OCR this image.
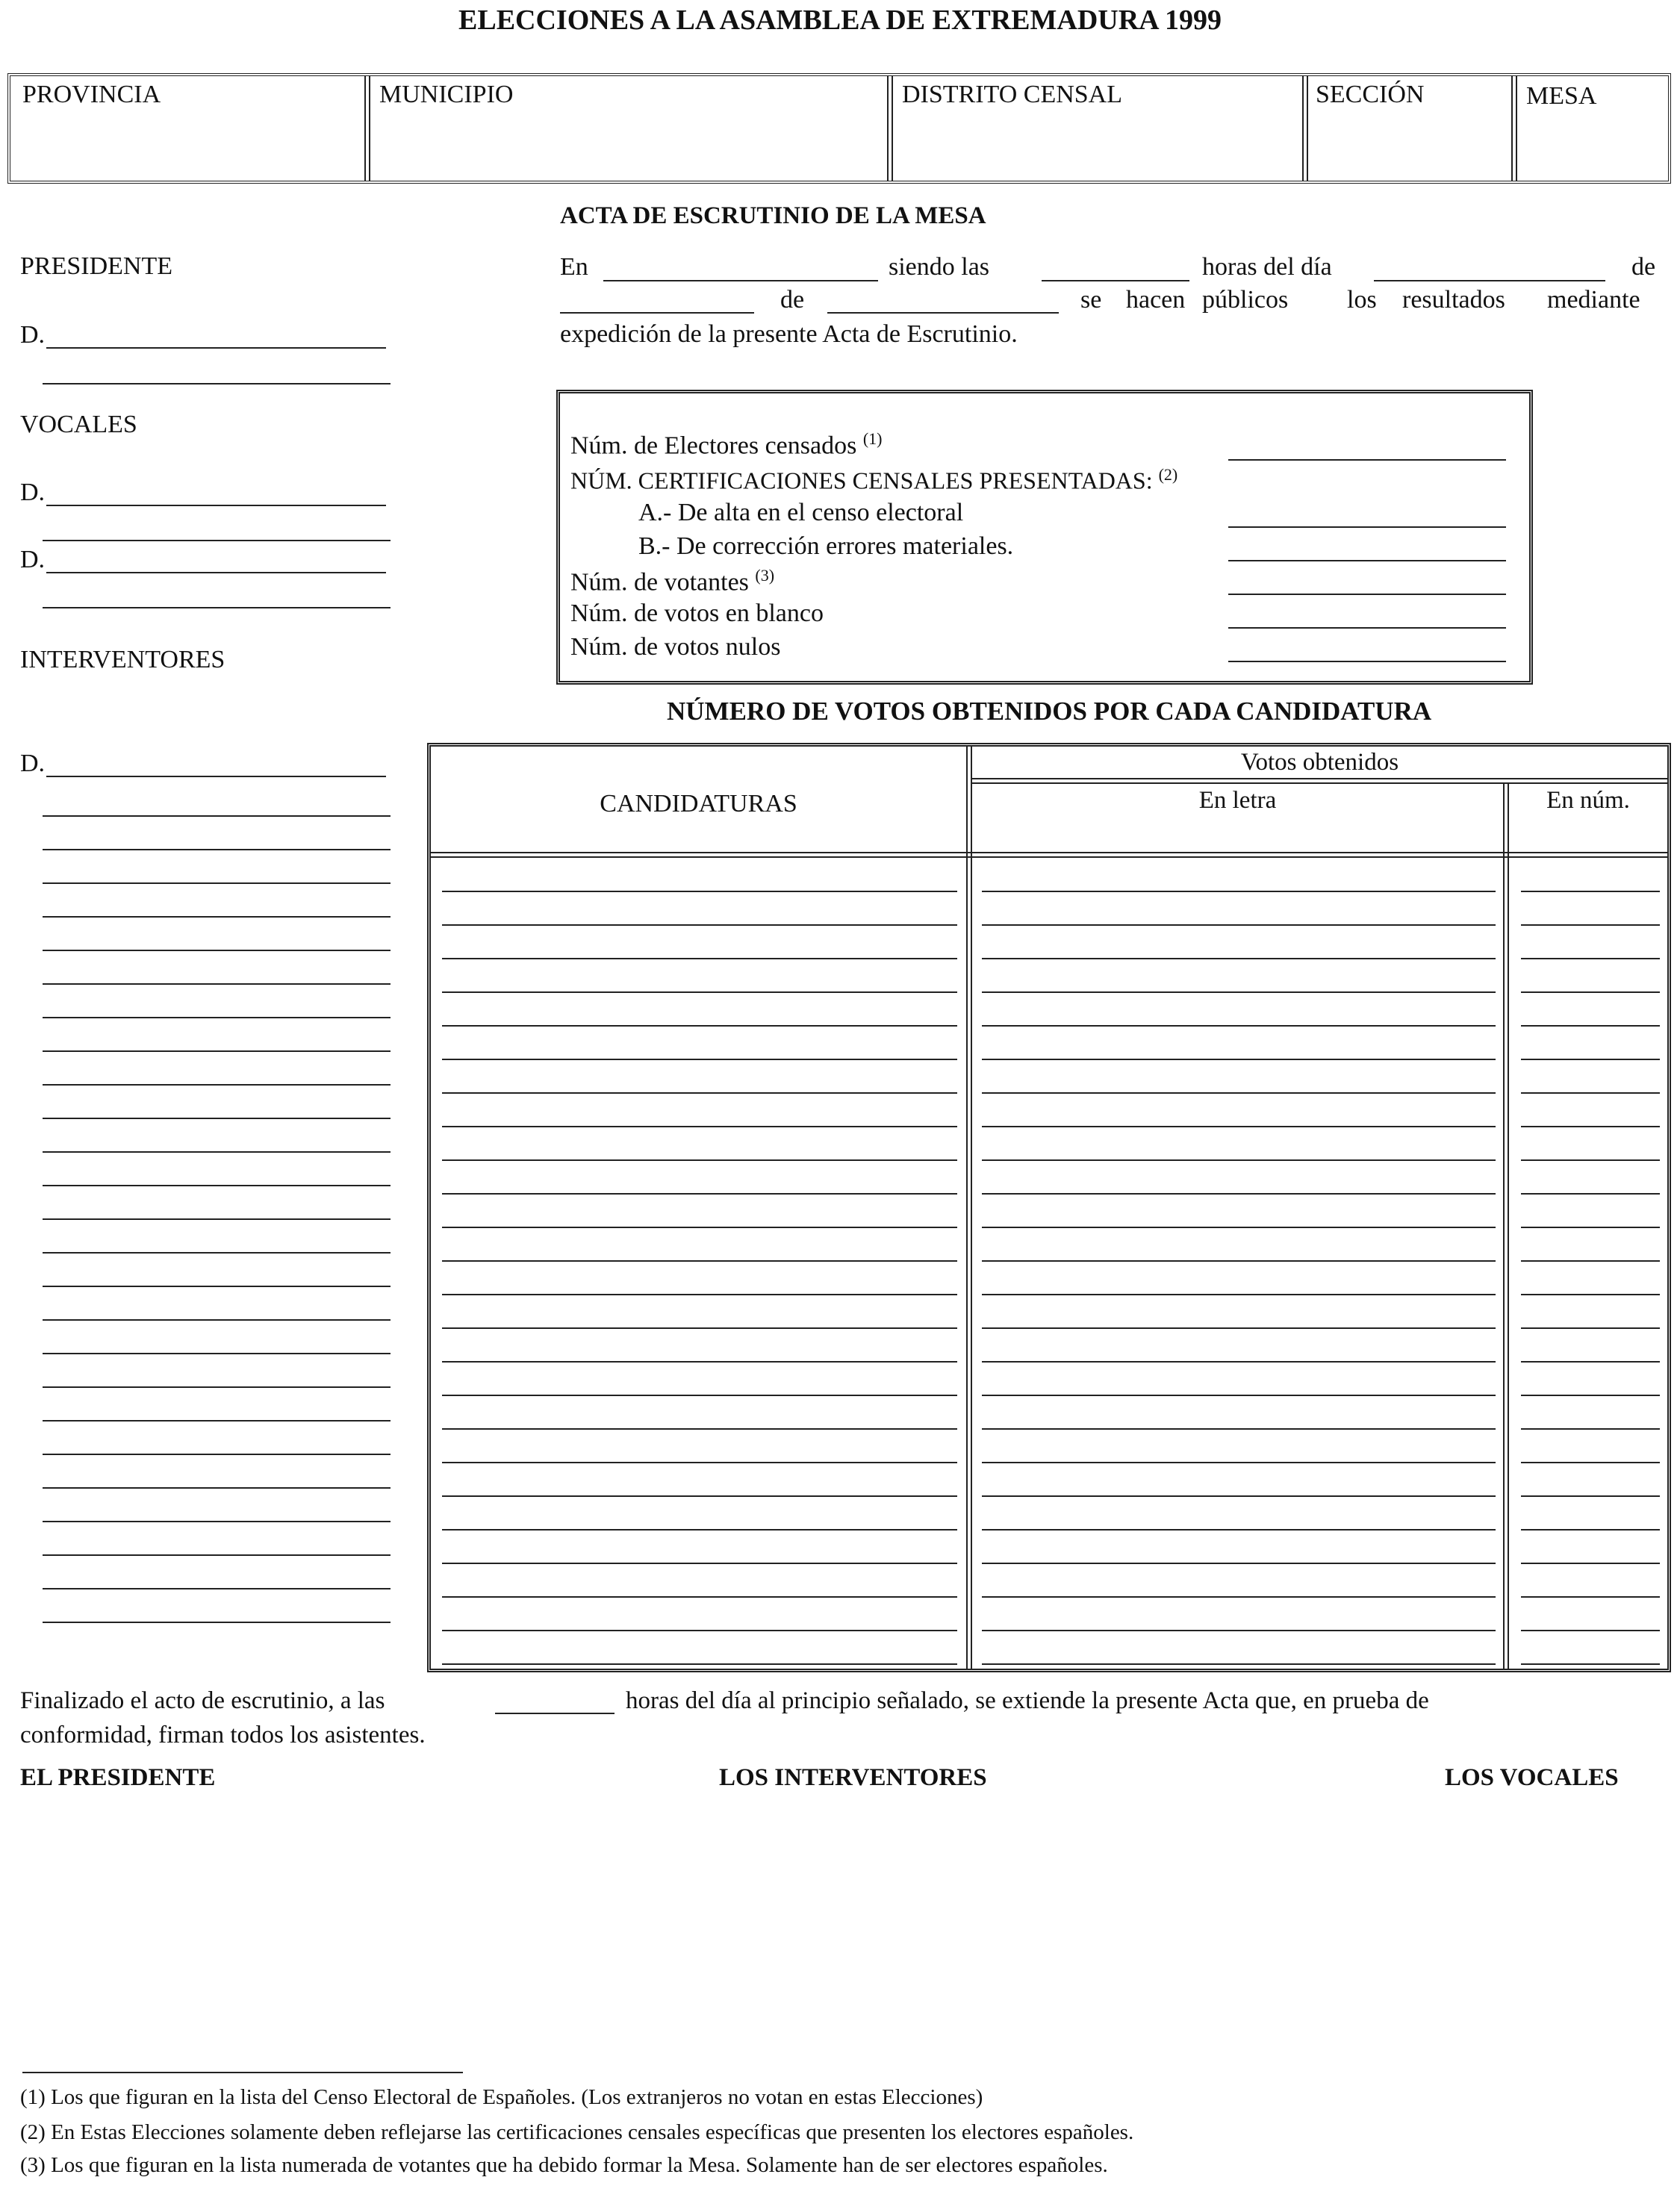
ELECCIONES A LA ASAMBLEA DE EXTREMADURA 1999
PROVINCIA	MUNICIPIO	DISTRITO CENSAL	SECCIÓN	MESA
ACTA DE ESCRUTINIO DE LA MESA
En	siendo las	horas del día	de
de	se hacen públicos los resultados mediante
expedición de la presente Acta de Escrutinio.
PRESIDENTE
D.
VOCALES
D.
D.
INTERVENTORES
D.
Núm. de Electores censados $^{(1)}$
NÚM. CERTIFICACIONES CENSALES PRESENTADAS: $^{(2)}$
A.- De alta en el censo electoral
B.- De corrección errores materiales.
Núm. de votantes $^{(3)}$
Núm. de votos en blanco
Núm. de votos nulos
NÚMERO DE VOTOS OBTENIDOS POR CADA CANDIDATURA
CANDIDATURAS
Votos obtenidos
En letra	En núm.
Finalizado el acto de escrutinio, a las	horas del día al principio señalado, se extiende la presente Acta que, en prueba de
conformidad, firman todos los asistentes.
EL PRESIDENTE	LOS INTERVENTORES	LOS VOCALES
(1) Los que figuran en la lista del Censo Electoral de Españoles. (Los extranjeros no votan en estas Elecciones)
(2) En Estas Elecciones solamente deben reflejarse las certificaciones censales específicas que presenten los electores españoles.
(3) Los que figuran en la lista numerada de votantes que ha debido formar la Mesa. Solamente han de ser electores españoles.
